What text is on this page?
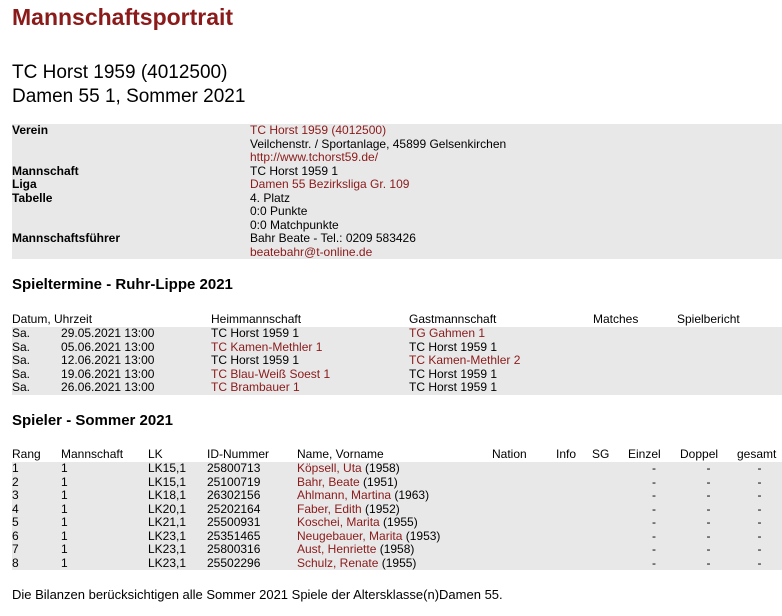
Mannschaftsportrait
TC Horst 1959 (4012500)
Damen 55 1, Sommer 2021
Verein	TC Horst 1959 (4012500)
Veilchenstr. / Sportanlage, 45899 Gelsenkirchen
http://www.tchorst59.de/
Mannschaft	TC Horst 1959 1
Liga	Damen 55 Bezirksliga Gr. 109
Tabelle	4. Platz
0:0 Punkte
0:0 Matchpunkte
Mannschaftsführer	Bahr Beate - Tel.: 0209 583426
beatebahr@t-online.de
Spieltermine - Ruhr-Lippe 2021
Datum, Uhrzeit	Heimmannschaft	Gastmannschaft	Matches	Spielbericht
Sa. 29.05.2021 13:00	TC Horst 1959 1	TG Gahmen 1		
Sa. 05.06.2021 13:00	TC Kamen-Methler 1	TC Horst 1959 1		
Sa. 12.06.2021 13:00	TC Horst 1959 1	TC Kamen-Methler 2		
Sa. 19.06.2021 13:00	TC Blau-Weiß Soest 1	TC Horst 1959 1		
Sa. 26.06.2021 13:00	TC Brambauer 1	TC Horst 1959 1		
Spieler - Sommer 2021
Rang	Mannschaft	LK	ID-Nummer	Name, Vorname	Nation	Info	SG	Einzel	Doppel	gesamt
1	1	LK15,1	25800713	Köpsell, Uta (1958)				-	-	-
2	1	LK15,1	25100719	Bahr, Beate (1951)				-	-	-
3	1	LK18,1	26302156	Ahlmann, Martina (1963)				-	-	-
4	1	LK20,1	25202164	Faber, Edith (1952)				-	-	-
5	1	LK21,1	25500931	Koschei, Marita (1955)				-	-	-
6	1	LK23,1	25351465	Neugebauer, Marita (1953)				-	-	-
7	1	LK23,1	25800316	Aust, Henriette (1958)				-	-	-
8	1	LK23,1	25502296	Schulz, Renate (1955)				-	-	-

Die Bilanzen berücksichtigen alle Sommer 2021 Spiele der Altersklasse(n)Damen 55.
